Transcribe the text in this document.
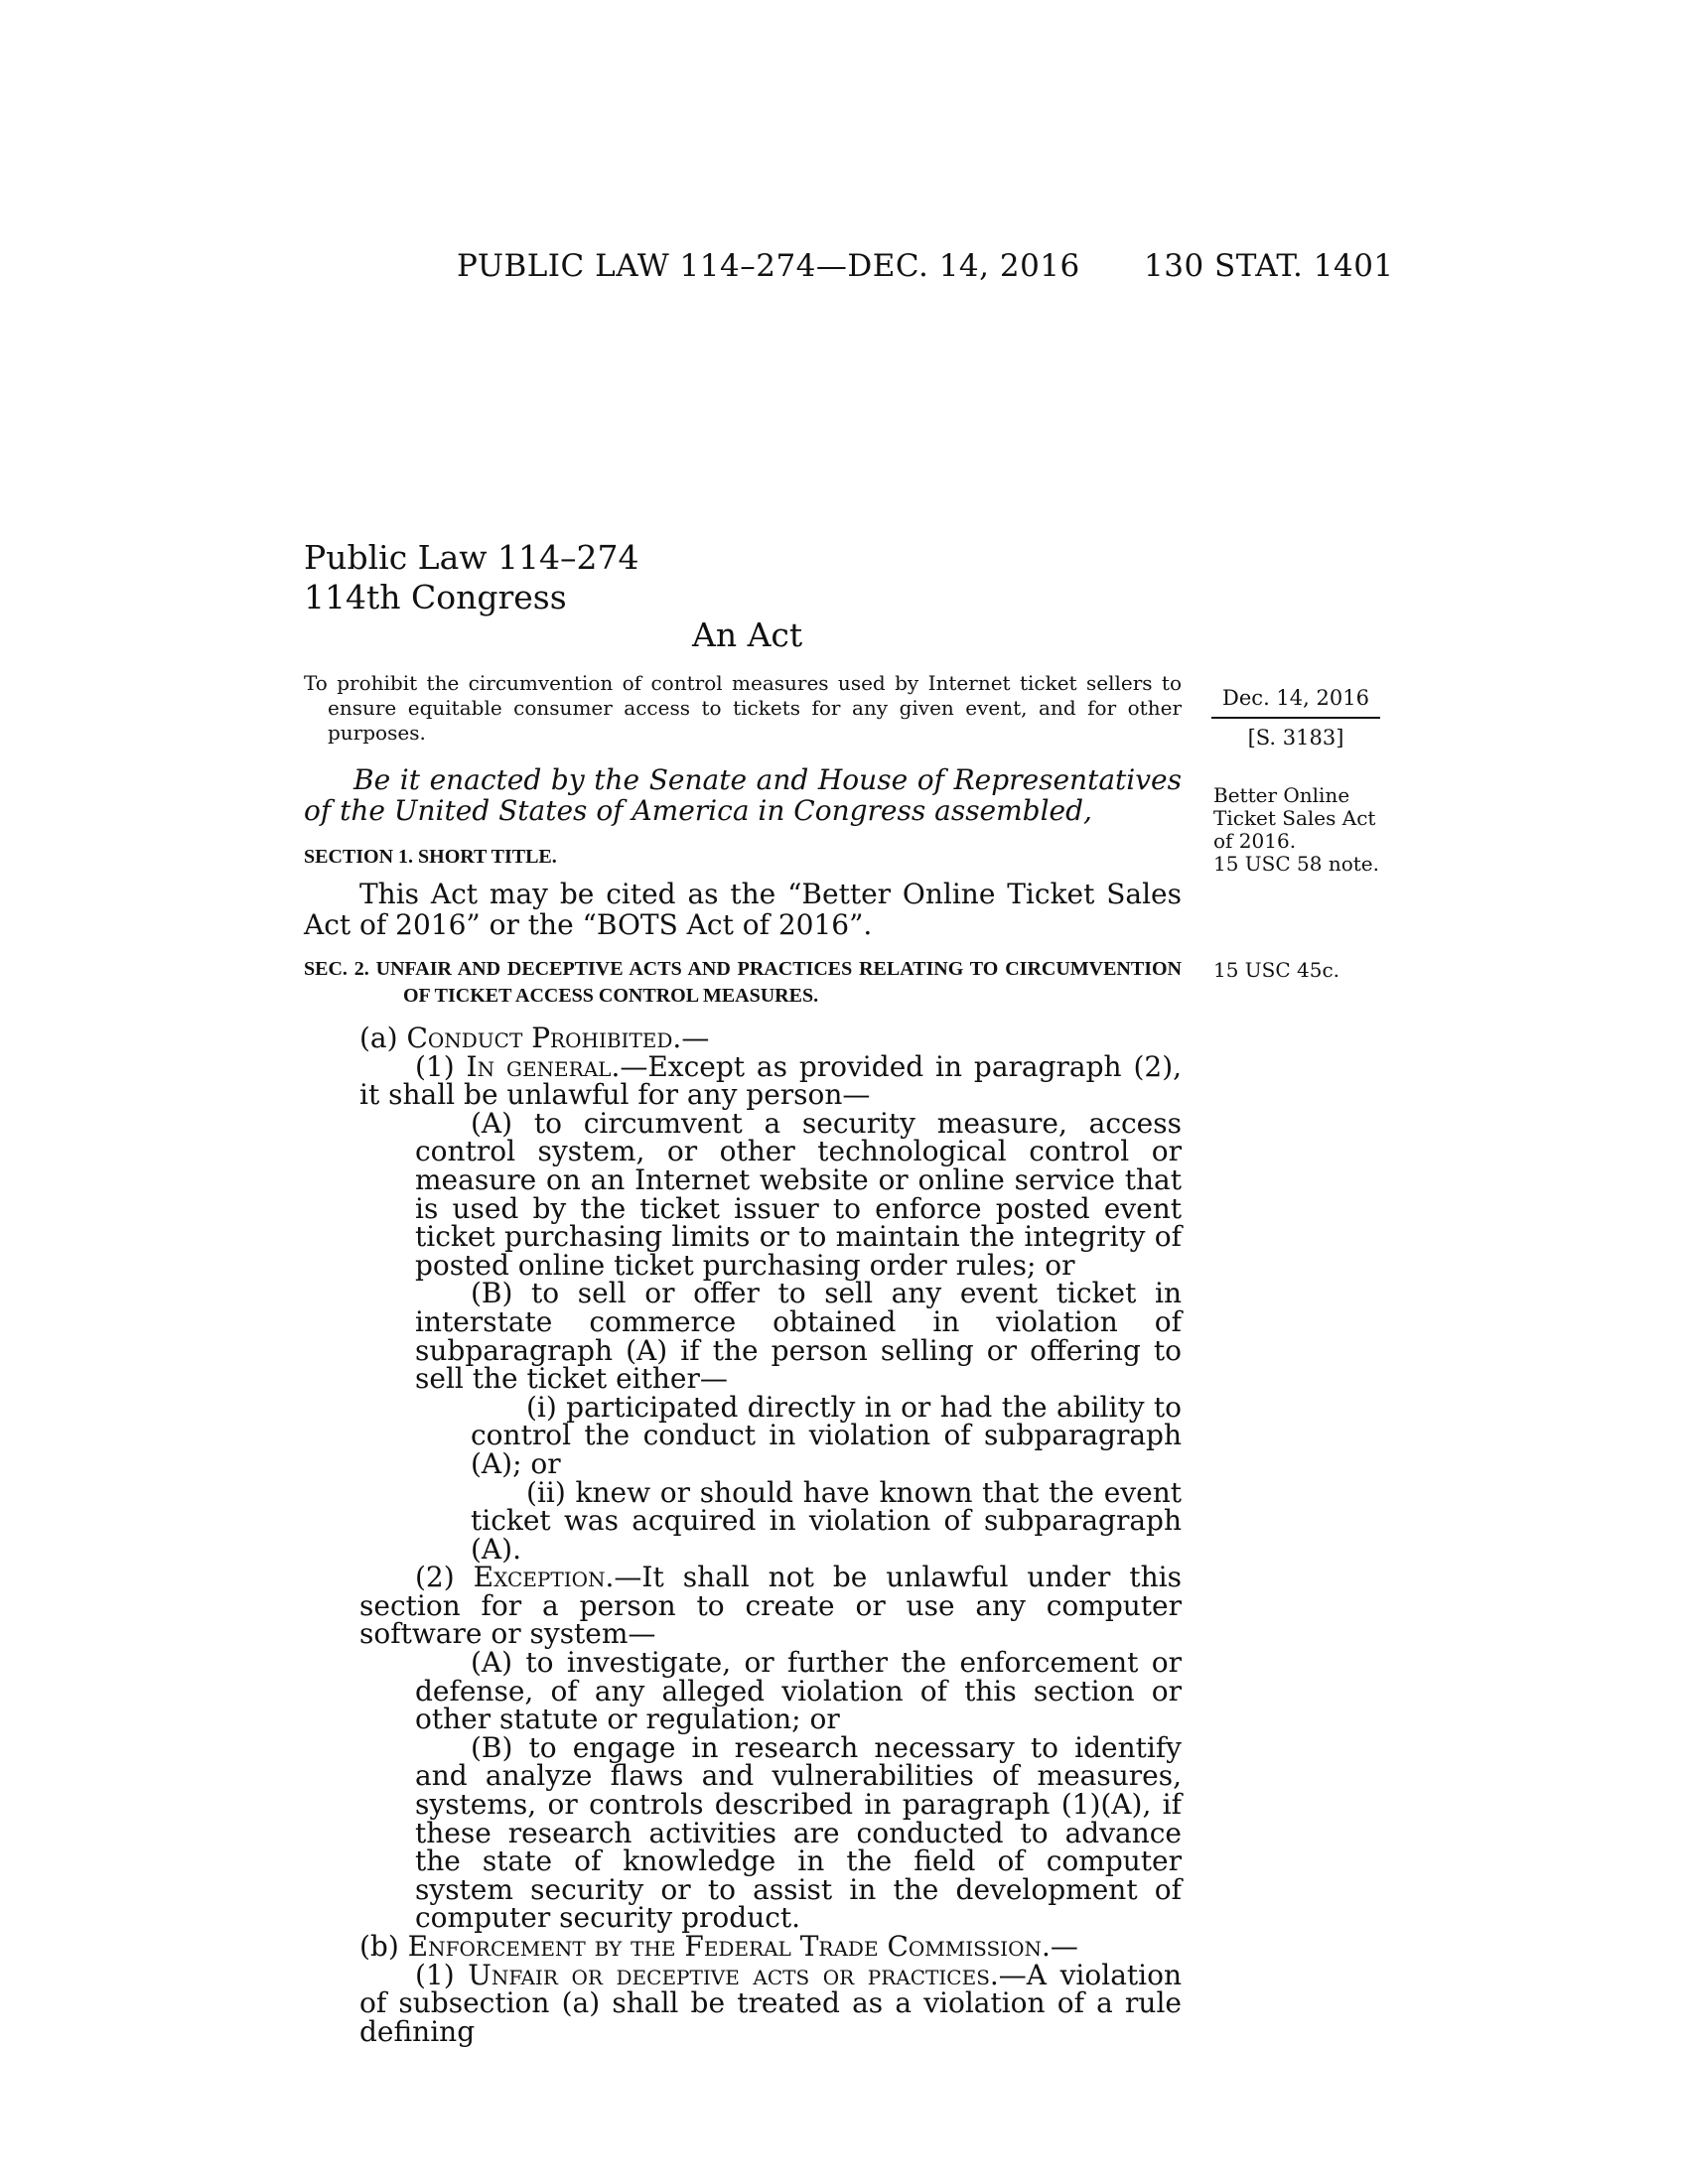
PUBLIC LAW 114–274—DEC. 14, 2016 130 STAT. 1401
Public Law 114–274
114th Congress
An Act
To prohibit the circumvention of control measures used by Internet ticket sellers to ensure equitable consumer access to tickets for any given event, and for other purposes.
Dec. 14, 2016
[S. 3183]
Better Online
Ticket Sales Act
of 2016.
15 USC 58 note.
15 USC 45c.
Be it enacted by the Senate and House of Representatives of the United States of America in Congress assembled,
SECTION 1. SHORT TITLE.
This Act may be cited as the “Better Online Ticket Sales Act of 2016” or the “BOTS Act of 2016”.
SEC. 2. UNFAIR AND DECEPTIVE ACTS AND PRACTICES RELATING TO CIRCUMVENTION OF TICKET ACCESS CONTROL MEASURES.

(a) Conduct Prohibited.—

(1) In general.—Except as provided in paragraph (2), it shall be unlawful for any person—

(A) to circumvent a security measure, access control system, or other technological control or measure on an Internet website or online service that is used by the ticket issuer to enforce posted event ticket purchasing limits or to maintain the integrity of posted online ticket purchasing order rules; or

(B) to sell or offer to sell any event ticket in interstate commerce obtained in violation of subparagraph (A) if the person selling or offering to sell the ticket either—

(i) participated directly in or had the ability to control the conduct in violation of subparagraph (A); or

(ii) knew or should have known that the event ticket was acquired in violation of subparagraph (A).

(2) Exception.—It shall not be unlawful under this section for a person to create or use any computer software or system—

(A) to investigate, or further the enforcement or defense, of any alleged violation of this section or other statute or regulation; or

(B) to engage in research necessary to identify and analyze flaws and vulnerabilities of measures, systems, or controls described in paragraph (1)(A), if these research activities are conducted to advance the state of knowledge in the field of computer system security or to assist in the development of computer security product.

(b) Enforcement by the Federal Trade Commission.—

(1) Unfair or deceptive acts or practices.—A violation of subsection (a) shall be treated as a violation of a rule defining
